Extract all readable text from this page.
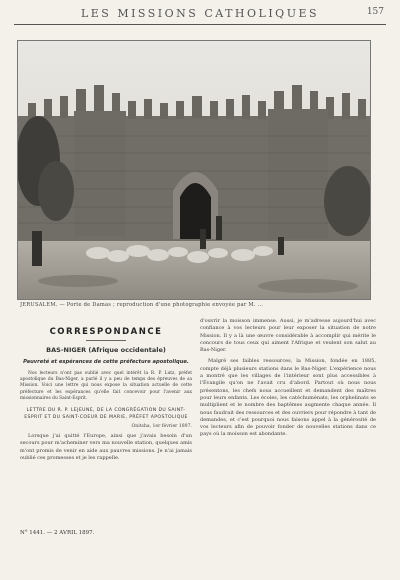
LES MISSIONS CATHOLIQUES	157
JÉRUSALEM. — Porte de Damas ; reproduction d'une photographie envoyée par M. ...
CORRESPONDANCE
BAS-NIGER (Afrique occidentale)
Pauvreté et espérances de cette préfecture apostolique.

Nos lecteurs n'ont pas oublié avec quel intérêt la R. P. Lutz, préfet apostolique du Bas-Niger, a parlé il y a peu de temps des épreuves de sa Mission. Voici une lettre qui nous expose la situation actuelle de cette préfecture et les espérances qu'elle fait concevoir pour l'avenir aux missionnaires du Saint-Esprit.

LETTRE DU R. P. LEJEUNE, DE LA CONGRÉGATION DU SAINT-ESPRIT ET DU SAINT-COEUR DE MARIE, PRÉFET APOSTOLIQUE
Onitsha, 1er février 1897.

Lorsque j'ai quitté l'Europe, ainsi que j'avais besoin d'un secours pour m'acheminer vers ma nouvelle station, quelques amis m'ont promis de venir en aide aux pauvres missions. Je n'ai jamais oublié ces promesses et je les rappelle.

d'ouvrir la moisson immense. Aussi, je m'adresse aujourd'hui avec confiance à vos lecteurs pour leur exposer la situation de notre Mission. Il y a là une œuvre considérable à accomplir qui mérite le concours de tous ceux qui aiment l'Afrique et veulent son salut au Bas-Niger.

Malgré ses faibles ressources, la Mission, fondée en 1885, compte déjà plusieurs stations dans le Bas-Niger. L'expérience nous a montré que les villages de l'intérieur sont plus accessibles à l'Évangile qu'on ne l'avait cru d'abord. Partout où nous nous présentons, les chefs nous accueillent et demandent des maîtres pour leurs enfants. Les écoles, les catéchuménats, les orphelinats se multiplient et le nombre des baptêmes augmente chaque année. Il nous faudrait des ressources et des ouvriers pour répondre à tant de demandes, et c'est pourquoi nous faisons appel à la générosité de vos lecteurs afin de pouvoir fonder de nouvelles stations dans ce pays où la moisson est abondante.

N° 1441. — 2 AVRIL 1897.
